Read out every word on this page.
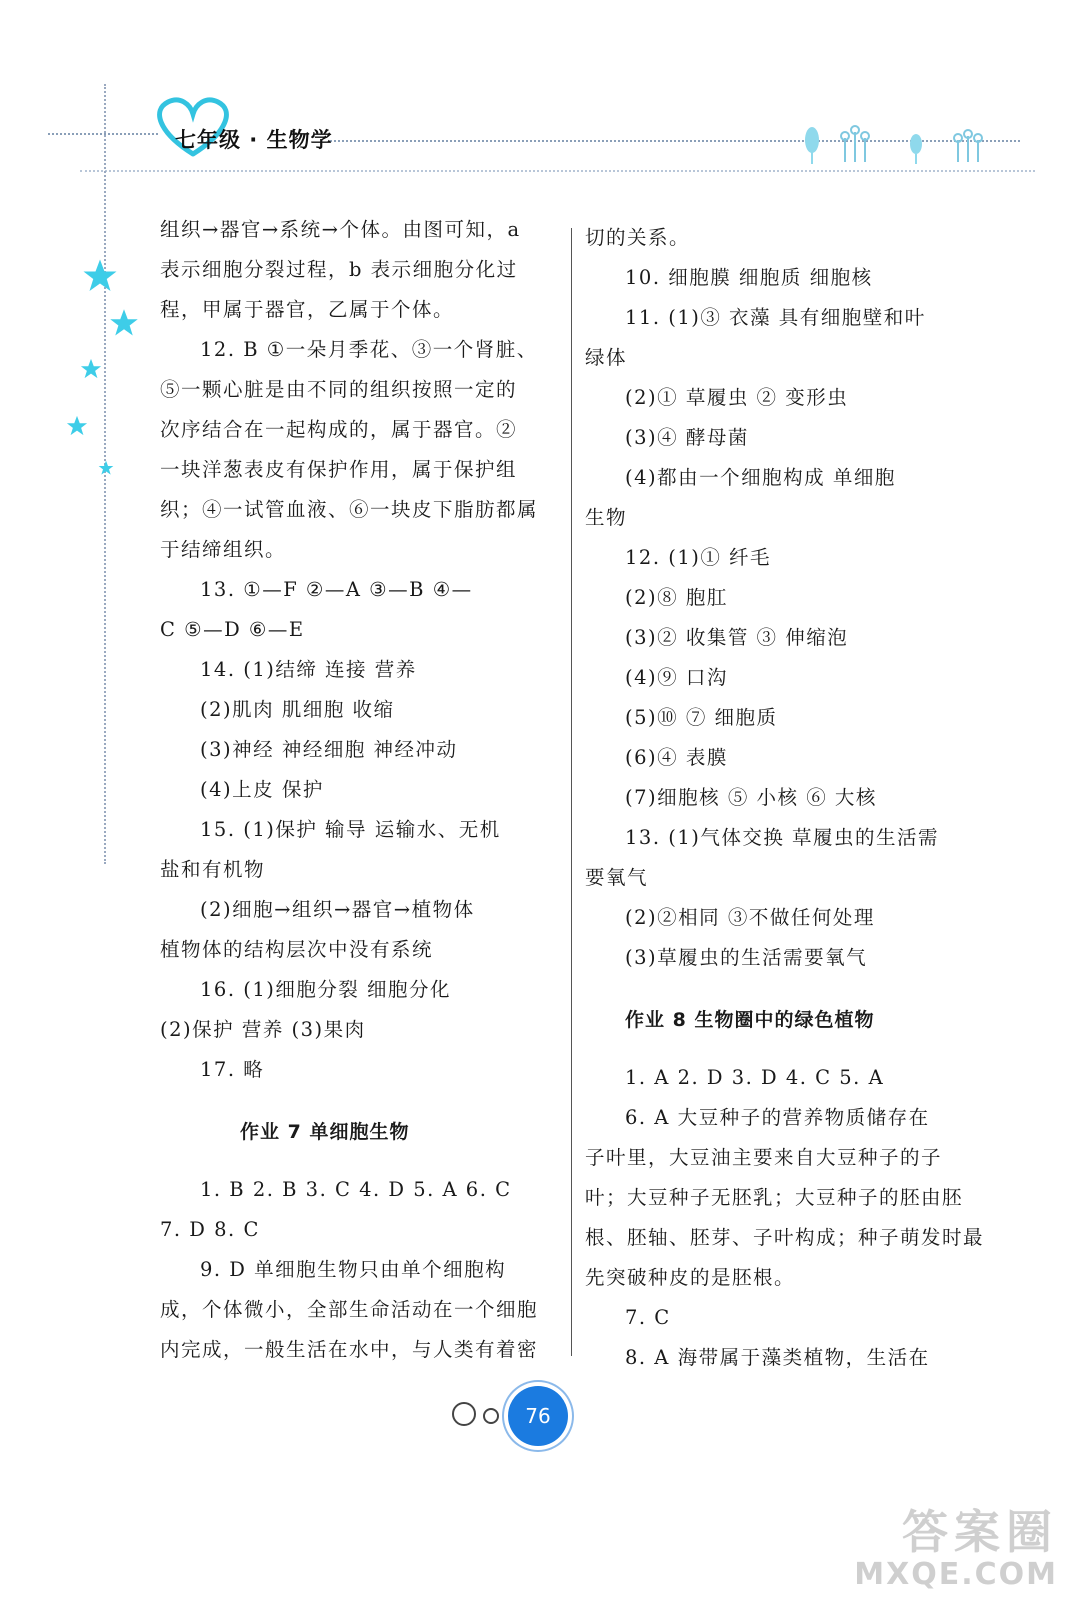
七年级 · 生物学

组织→器官→系统→个体。由图可知，a

表示细胞分裂过程，b 表示细胞分化过

程，甲属于器官，乙属于个体。

12. B ①一朵月季花、③一个肾脏、

⑤一颗心脏是由不同的组织按照一定的

次序结合在一起构成的，属于器官。②

一块洋葱表皮有保护作用，属于保护组

织；④一试管血液、⑥一块皮下脂肪都属

于结缔组织。

13. ①—F ②—A ③—B ④—

C ⑤—D ⑥—E

14. (1)结缔 连接 营养

(2)肌肉 肌细胞 收缩

(3)神经 神经细胞 神经冲动

(4)上皮 保护

15. (1)保护 输导 运输水、无机

盐和有机物

(2)细胞→组织→器官→植物体

植物体的结构层次中没有系统

16. (1)细胞分裂 细胞分化

(2)保护 营养 (3)果肉

17. 略

作业 7 单细胞生物

1. B 2. B 3. C 4. D 5. A 6. C

7. D 8. C

9. D 单细胞生物只由单个细胞构

成，个体微小，全部生命活动在一个细胞

内完成，一般生活在水中，与人类有着密

切的关系。

10. 细胞膜 细胞质 细胞核

11. (1)③ 衣藻 具有细胞壁和叶

绿体

(2)① 草履虫 ② 变形虫

(3)④ 酵母菌

(4)都由一个细胞构成 单细胞

生物

12. (1)① 纤毛

(2)⑧ 胞肛

(3)② 收集管 ③ 伸缩泡

(4)⑨ 口沟

(5)⑩ ⑦ 细胞质

(6)④ 表膜

(7)细胞核 ⑤ 小核 ⑥ 大核

13. (1)气体交换 草履虫的生活需

要氧气

(2)②相同 ③不做任何处理

(3)草履虫的生活需要氧气

作业 8 生物圈中的绿色植物

1. A 2. D 3. D 4. C 5. A

6. A 大豆种子的营养物质储存在

子叶里，大豆油主要来自大豆种子的子

叶；大豆种子无胚乳；大豆种子的胚由胚

根、胚轴、胚芽、子叶构成；种子萌发时最

先突破种皮的是胚根。

7. C

8. A 海带属于藻类植物，生活在

76
答案圈
MXQE.COM
